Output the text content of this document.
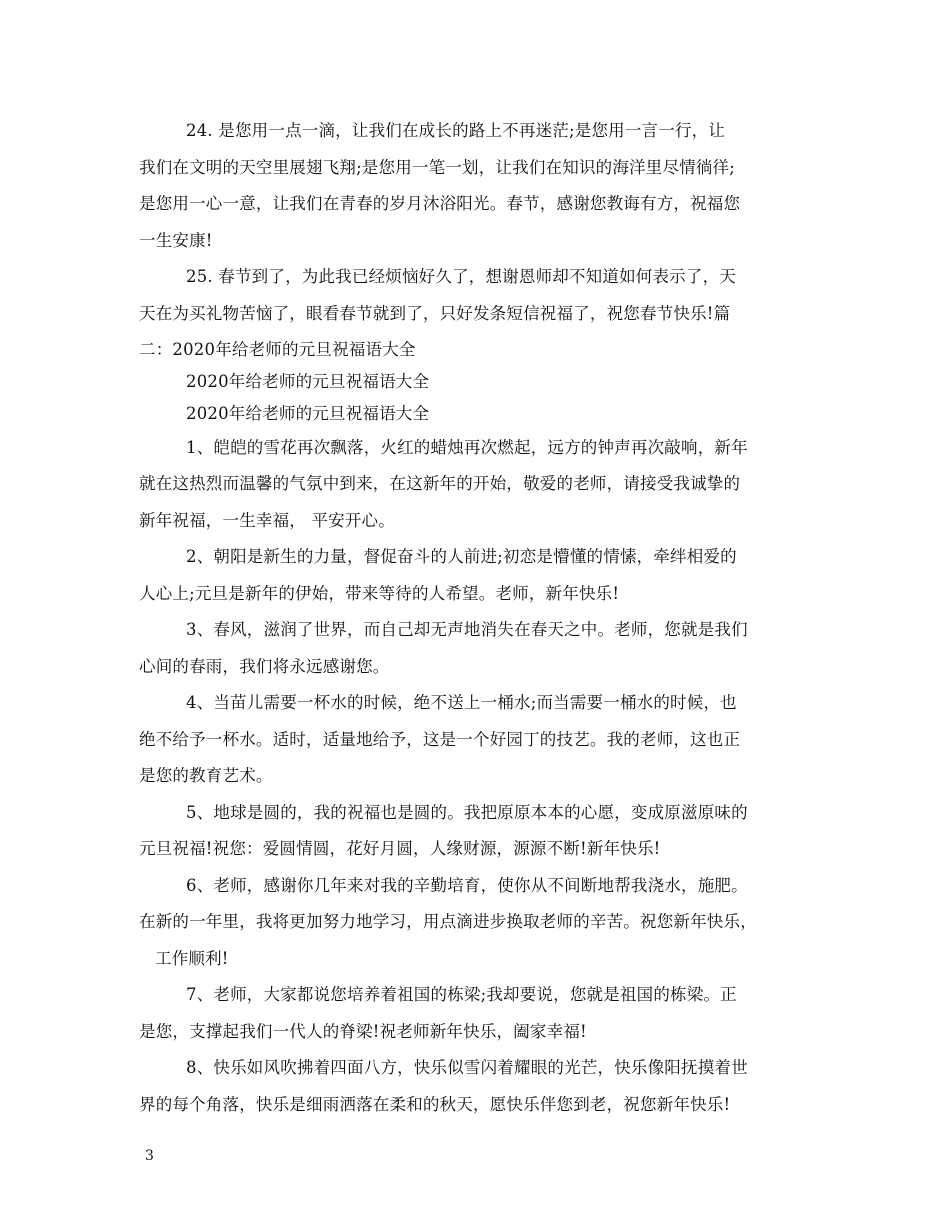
24. 是您用一点一滴，让我们在成长的路上不再迷茫;是您用一言一行，让
我们在文明的天空里展翅飞翔;是您用一笔一划，让我们在知识的海洋里尽情徜徉;
是您用一心一意，让我们在青春的岁月沐浴阳光。春节，感谢您教诲有方，祝福您
一生安康!
25. 春节到了，为此我已经烦恼好久了，想谢恩师却不知道如何表示了，天
天在为买礼物苦恼了，眼看春节就到了，只好发条短信祝福了，祝您春节快乐!篇
二：2020年给老师的元旦祝福语大全
2020年给老师的元旦祝福语大全
2020年给老师的元旦祝福语大全
1、皑皑的雪花再次飘落，火红的蜡烛再次燃起，远方的钟声再次敲响，新年
就在这热烈而温馨的气氛中到来，在这新年的开始，敬爱的老师，请接受我诚挚的
新年祝福，一生幸福， 平安开心。
2、朝阳是新生的力量，督促奋斗的人前进;初恋是懵懂的情愫，牵绊相爱的
人心上;元旦是新年的伊始，带来等待的人希望。老师，新年快乐!
3、春风，滋润了世界，而自己却无声地消失在春天之中。老师，您就是我们
心间的春雨，我们将永远感谢您。
4、当苗儿需要一杯水的时候，绝不送上一桶水;而当需要一桶水的时候，也
绝不给予一杯水。适时，适量地给予，这是一个好园丁的技艺。我的老师，这也正
是您的教育艺术。
5、地球是圆的，我的祝福也是圆的。我把原原本本的心愿，变成原滋原味的
元旦祝福!祝您：爱圆情圆，花好月圆，人缘财源，源源不断!新年快乐!
6、老师，感谢你几年来对我的辛勤培育，使你从不间断地帮我浇水，施肥。
在新的一年里，我将更加努力地学习，用点滴进步换取老师的辛苦。祝您新年快乐，
工作顺利!
7、老师，大家都说您培养着祖国的栋梁;我却要说，您就是祖国的栋梁。正
是您，支撑起我们一代人的脊梁!祝老师新年快乐，阖家幸福!
8、快乐如风吹拂着四面八方，快乐似雪闪着耀眼的光芒，快乐像阳抚摸着世
界的每个角落，快乐是细雨洒落在柔和的秋天，愿快乐伴您到老，祝您新年快乐!
3
